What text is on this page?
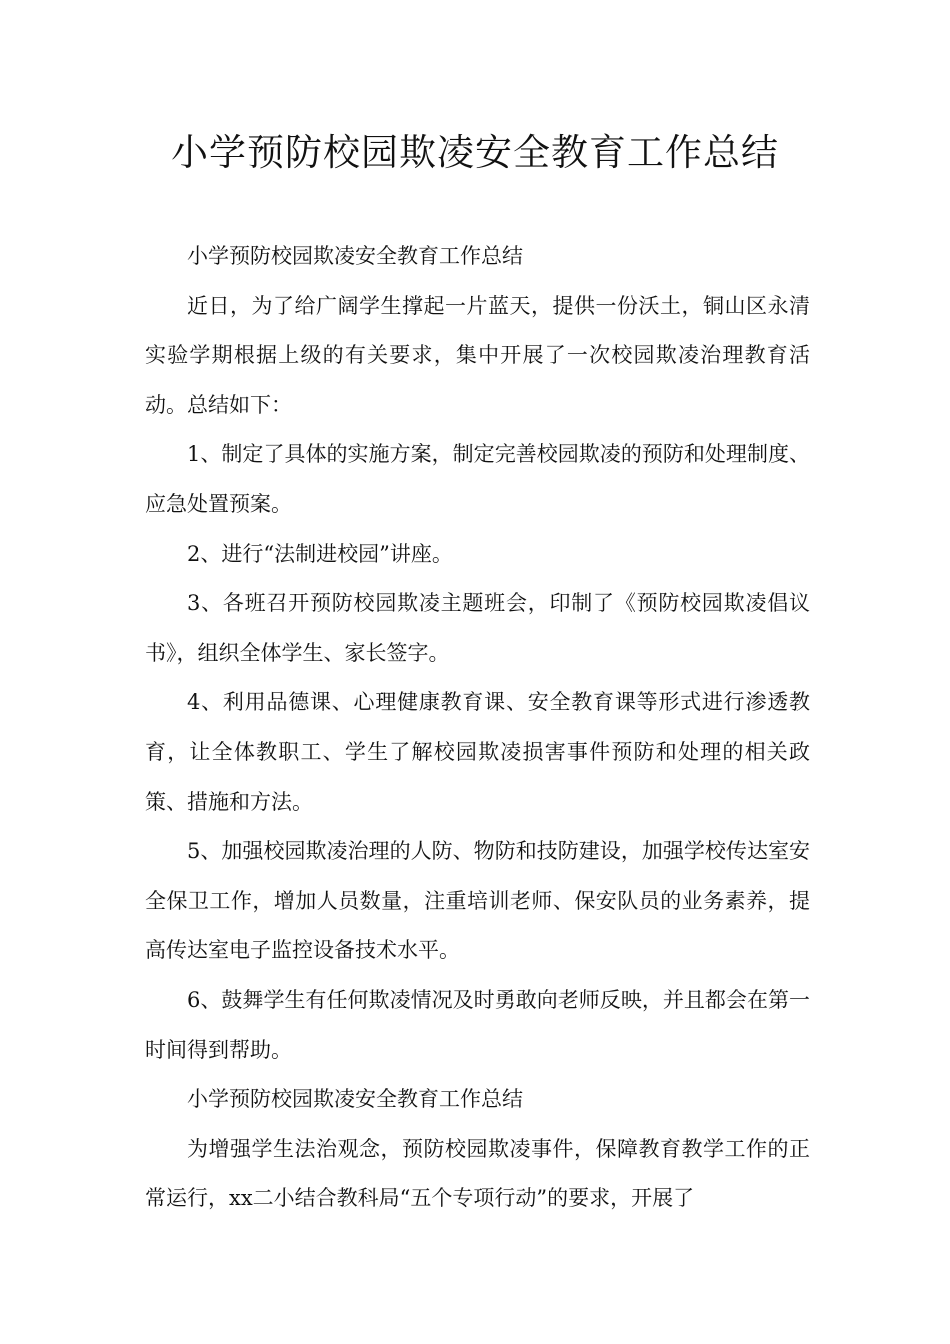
小学预防校园欺凌安全教育工作总结

小学预防校园欺凌安全教育工作总结

近日，为了给广阔学生撑起一片蓝天，提供一份沃土，铜山区永清实验学期根据上级的有关要求，集中开展了一次校园欺凌治理教育活动。总结如下：

1、制定了具体的实施方案，制定完善校园欺凌的预防和处理制度、应急处置预案。

2、进行“法制进校园”讲座。

3、各班召开预防校园欺凌主题班会，印制了《预防校园欺凌倡议书》，组织全体学生、家长签字。

4、利用品德课、心理健康教育课、安全教育课等形式进行渗透教育，让全体教职工、学生了解校园欺凌损害事件预防和处理的相关政策、措施和方法。

5、加强校园欺凌治理的人防、物防和技防建设，加强学校传达室安全保卫工作，增加人员数量，注重培训老师、保安队员的业务素养，提高传达室电子监控设备技术水平。

6、鼓舞学生有任何欺凌情况及时勇敢向老师反映，并且都会在第一时间得到帮助。

小学预防校园欺凌安全教育工作总结

为增强学生法治观念，预防校园欺凌事件，保障教育教学工作的正常运行，xx二小结合教科局“五个专项行动”的要求，开展了
